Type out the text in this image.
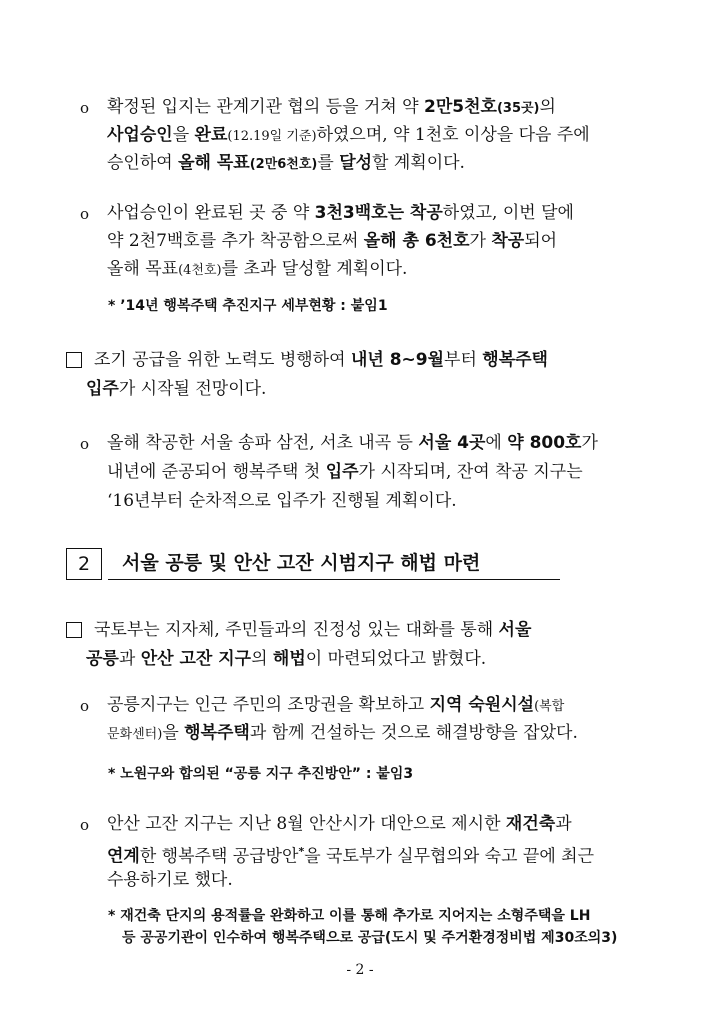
o 확정된 입지는 관계기관 협의 등을 거쳐 약 2만5천호(35곳)의
사업승인을 완료(12.19일 기준)하였으며, 약 1천호 이상을 다음 주에
승인하여 올해 목표(2만6천호)를 달성할 계획이다.
o 사업승인이 완료된 곳 중 약 3천3백호는 착공하였고, 이번 달에
약 2천7백호를 추가 착공함으로써 올해 총 6천호가 착공되어
올해 목표(4천호)를 초과 달성할 계획이다.
* ’14년 행복주택 추진지구 세부현황 : 붙임1
조기 공급을 위한 노력도 병행하여 내년 8~9월부터 행복주택
입주가 시작될 전망이다.
o 올해 착공한 서울 송파 삼전, 서초 내곡 등 서울 4곳에 약 800호가
내년에 준공되어 행복주택 첫 입주가 시작되며, 잔여 착공 지구는
‘16년부터 순차적으로 입주가 진행될 계획이다.
2	서울 공릉 및 안산 고잔 시범지구 해법 마련
국토부는 지자체, 주민들과의 진정성 있는 대화를 통해 서울
공릉과 안산 고잔 지구의 해법이 마련되었다고 밝혔다.
o 공릉지구는 인근 주민의 조망권을 확보하고 지역 숙원시설(복합
문화센터)을 행복주택과 함께 건설하는 것으로 해결방향을 잡았다.
* 노원구와 합의된 “공릉 지구 추진방안” : 붙임3
o 안산 고잔 지구는 지난 8월 안산시가 대안으로 제시한 재건축과
연계한 행복주택 공급방안*을 국토부가 실무협의와 숙고 끝에 최근
수용하기로 했다.
* 재건축 단지의 용적률을 완화하고 이를 통해 추가로 지어지는 소형주택을 LH
등 공공기관이 인수하여 행복주택으로 공급(도시 및 주거환경정비법 제30조의3)
- 2 -
